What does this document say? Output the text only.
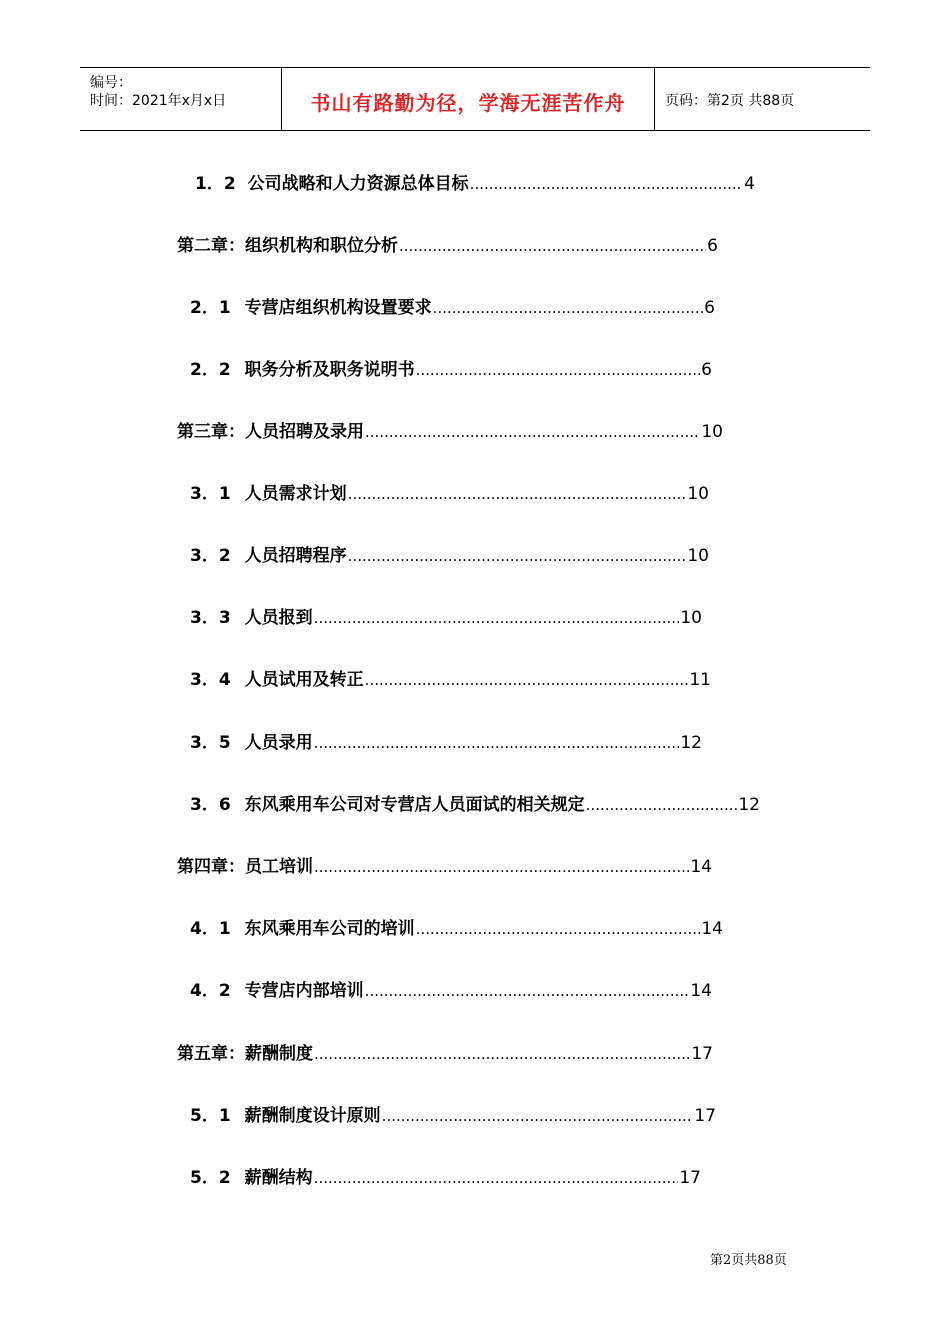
编号：
时间：2021年x月x日	书山有路勤为径，学海无涯苦作舟	页码：第2页 共88页
1．2 公司战略和人力资源总体目标 .....	4
第二章：组织机构和职位分析 .....	6
2．1 专营店组织机构设置要求 .....	6
2．2 职务分析及职务说明书 .....	6
第三章：人员招聘及录用 .....	10
3．1 人员需求计划 .....	10
3．2 人员招聘程序 .....	10
3．3 人员报到 .....	10
3．4 人员试用及转正 .....	11
3．5 人员录用 .....	12
3．6 东风乘用车公司对专营店人员面试的相关规定 .....	12
第四章：员工培训 .....	14
4．1 东风乘用车公司的培训 .....	14
4．2 专营店内部培训 .....	14
第五章：薪酬制度 .....	17
5．1 薪酬制度设计原则 .....	17
5．2 薪酬结构 .....	17
第2页共88页
